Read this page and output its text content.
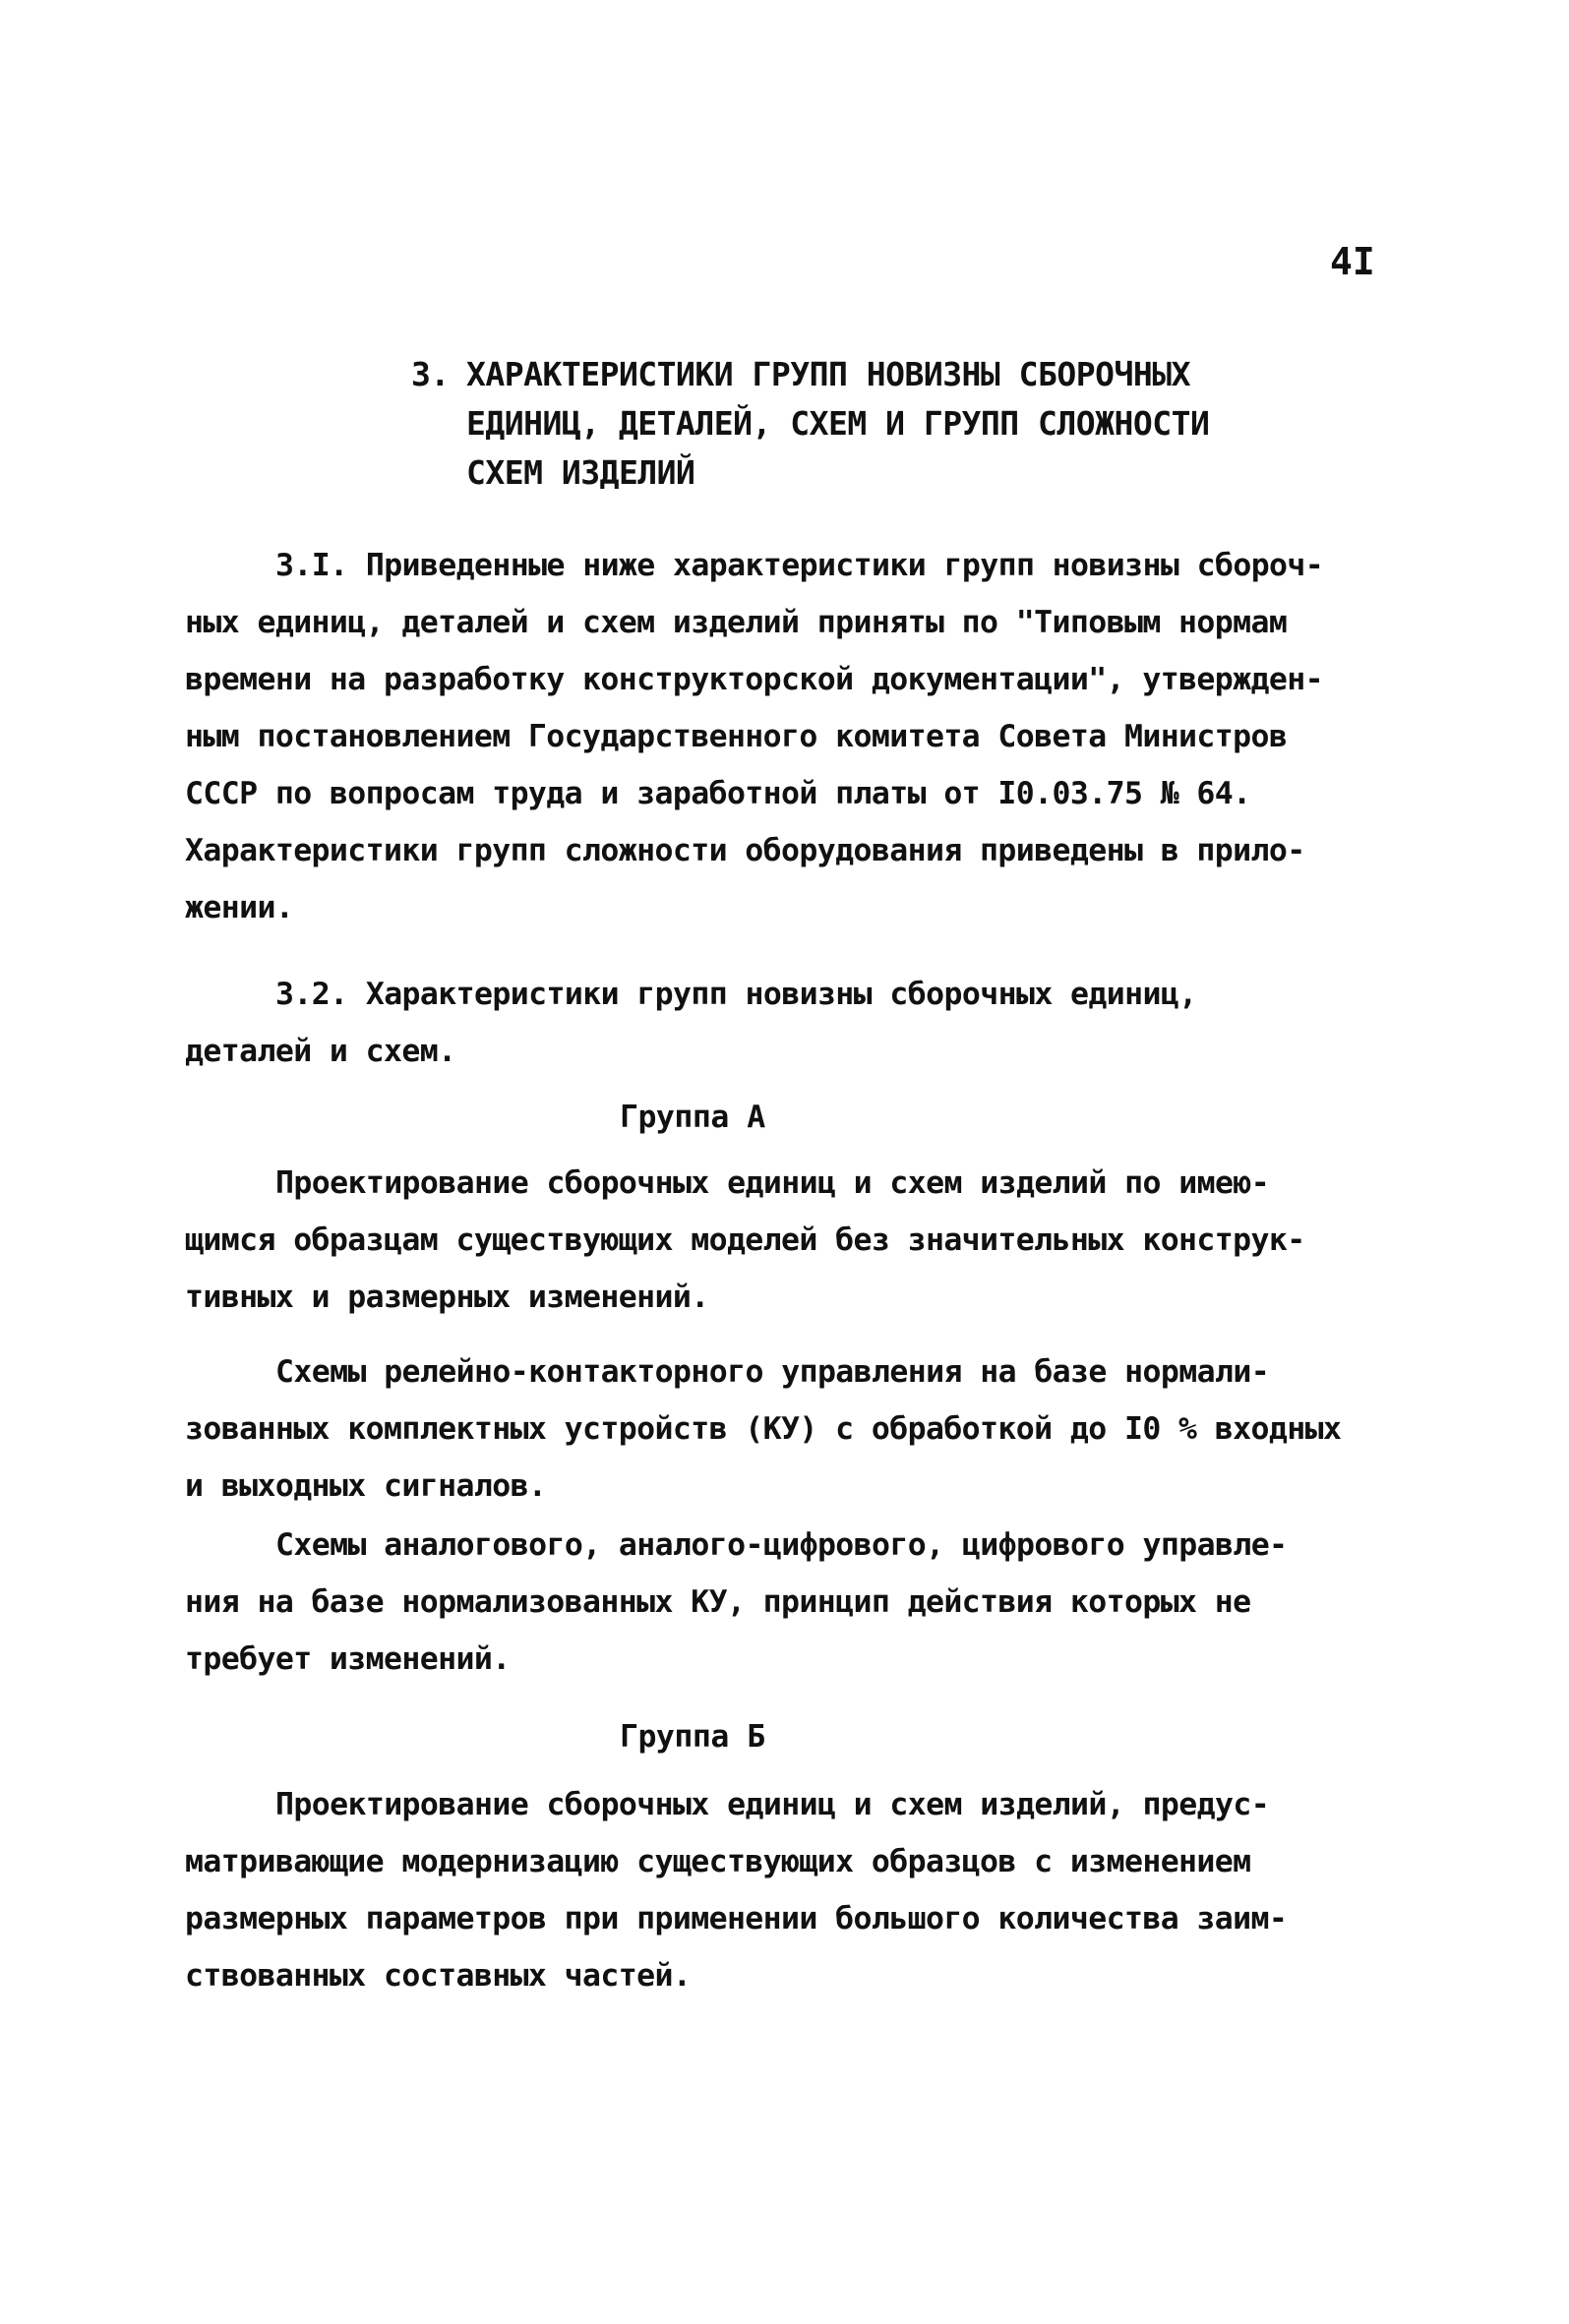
4I
3. ХАРАКТЕРИСТИКИ ГРУПП НОВИЗНЫ СБОРОЧНЫХ
ЕДИНИЦ, ДЕТАЛЕЙ, СХЕМ И ГРУПП СЛОЖНОСТИ
СХЕМ ИЗДЕЛИЙ
3.I. Приведенные ниже характеристики групп новизны сбороч-
ных единиц, деталей и схем изделий приняты по "Типовым нормам
времени на разработку конструкторской документации", утвержден-
ным постановлением Государственного комитета Совета Министров
СССР по вопросам труда и заработной платы от I0.03.75 № 64.
Характеристики групп сложности оборудования приведены в прило-
жении.
3.2. Характеристики групп новизны сборочных единиц,
деталей и схем.
Группа А
Проектирование сборочных единиц и схем изделий по имею-
щимся образцам существующих моделей без значительных конструк-
тивных и размерных изменений.
Схемы релейно-контакторного управления на базе нормали-
зованных комплектных устройств (КУ) с обработкой до I0 % входных
и выходных сигналов.
Схемы аналогового, аналого-цифрового, цифрового управле-
ния на базе нормализованных КУ, принцип действия которых не
требует изменений.
Группа Б
Проектирование сборочных единиц и схем изделий, предус-
матривающие модернизацию существующих образцов с изменением
размерных параметров при применении большого количества заим-
ствованных составных частей.
